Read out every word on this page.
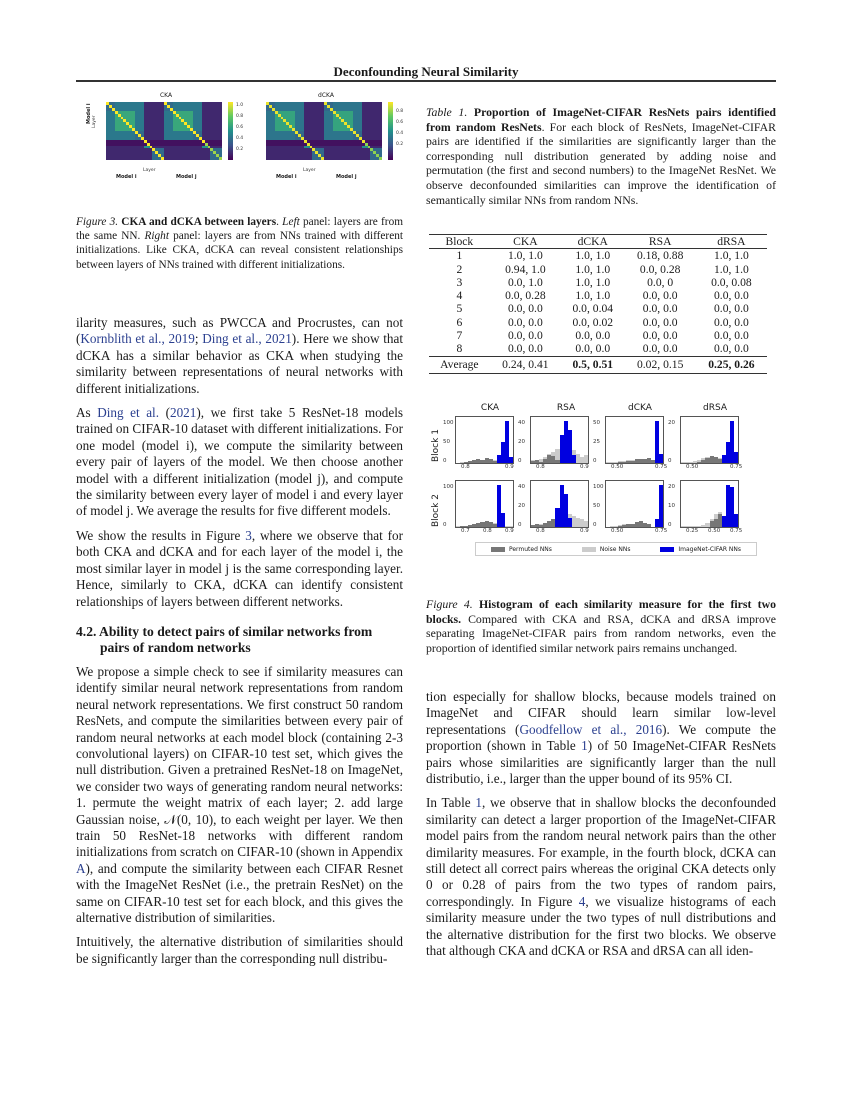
Deconfounding Neural Similarity
CKA
Model i Layer
1.0
0.8
0.6
0.4
0.2
Layer
Model i	Model j
dCKA
0.8
0.6
0.4
0.2
Layer
Model i	Model j
Figure 3. CKA and dCKA between layers. Left panel: layers are from the same NN. Right panel: layers are from NNs trained with different initializations. Like CKA, dCKA can reveal consistent relationships between layers of NNs trained with different initializations.

ilarity measures, such as PWCCA and Procrustes, can not (Kornblith et al., 2019; Ding et al., 2021). Here we show that dCKA has a similar behavior as CKA when studying the similarity between representations of neural networks with different initializations.

As Ding et al. (2021), we first take 5 ResNet-18 models trained on CIFAR-10 dataset with different initializations. For one model (model i), we compute the similarity between every pair of layers of the model. We then choose another model with a different initialization (model j), and compute the similarity between every layer of model i and every layer of model j. We average the results for five different models.

We show the results in Figure 3, where we observe that for both CKA and dCKA and for each layer of the model i, the most similar layer in model j is the same corresponding layer. Hence, similarly to CKA, dCKA can identify consistent relationships of layers between different networks.

4.2. Ability to detect pairs of similar networks from
pairs of random networks

We propose a simple check to see if similarity measures can identify similar neural network representations from random neural network representations. We first construct 50 random ResNets, and compute the similarities between every pair of random neural networks at each model block (containing 2-3 convolutional layers) on CIFAR-10 test set, which gives the null distribution. Given a pretrained ResNet-18 on ImageNet, we consider two ways of generating random neural networks: 1. permute the weight matrix of each layer; 2. add large Gaussian noise, 𝒩(0, 10), to each weight per layer. We then train 50 ResNet-18 networks with different random initializations from scratch on CIFAR-10 (shown in Appendix A), and compute the similarity between each CIFAR Resnet with the ImageNet ResNet (i.e., the pretrain ResNet) on the same on CIFAR-10 test set for each block, and this gives the alternative distribution of similarities.

Intuitively, the alternative distribution of similarities should be significantly larger than the corresponding null distribu-

Table 1. Proportion of ImageNet-CIFAR ResNets pairs identified from random ResNets. For each block of ResNets, ImageNet-CIFAR pairs are identified if the similarities are significantly larger than the corresponding null distribution generated by adding noise and permutation (the first and second numbers) to the ImageNet ResNet. We observe deconfounded similarities can improve the identification of semantically similar NNs from random NNs.
Block	CKA	dCKA	RSA	dRSA
1	1.0, 1.0	1.0, 1.0	0.18, 0.88	1.0, 1.0
2	0.94, 1.0	1.0, 1.0	0.0, 0.28	1.0, 1.0
3	0.0, 1.0	1.0, 1.0	0.0, 0	0.0, 0.08
4	0.0, 0.28	1.0, 1.0	0.0, 0.0	0.0, 0.0
5	0.0, 0.0	0.0, 0.04	0.0, 0.0	0.0, 0.0
6	0.0, 0.0	0.0, 0.02	0.0, 0.0	0.0, 0.0
7	0.0, 0.0	0.0, 0.0	0.0, 0.0	0.0, 0.0
8	0.0, 0.0	0.0, 0.0	0.0, 0.0	0.0, 0.0
Average	0.24, 0.41	0.5, 0.51	0.02, 0.15	0.25, 0.26
CKA	RSA	dCKA	dRSA
Block 1
Block 2
Permuted NNs	Noise NNs	ImageNet-CIFAR NNs
0.8	0.9
100
50
0
0.8	0.9
40
20
0
0.50	0.75
50
25
0
0.50	0.75
20
0
0.7 0.8 0.9
100
0
0.8	0.9
40
20
0
0.50	0.75
100
50
0
0.25 0.50 0.75
20
10
0
Figure 4. Histogram of each similarity measure for the first two blocks. Compared with CKA and RSA, dCKA and dRSA improve separating ImageNet-CIFAR pairs from random networks, even the proportion of identified similar network pairs remains unchanged.

tion especially for shallow blocks, because models trained on ImageNet and CIFAR should learn similar low-level representations (Goodfellow et al., 2016). We compute the proportion (shown in Table 1) of 50 ImageNet-CIFAR ResNets pairs whose similarities are significantly larger than the null distributio, i.e., larger than the upper bound of its 95% CI.

In Table 1, we observe that in shallow blocks the deconfounded similarity can detect a larger proportion of the ImageNet-CIFAR model pairs from the random neural network pairs than the other dimilarity measures. For example, in the fourth block, dCKA can still detect all correct pairs whereas the original CKA detects only 0 or 0.28 of pairs from the two types of random pairs, correspondingly. In Figure 4, we visualize histograms of each similarity measure under the two types of null distributions and the alternative distribution for the first two blocks. We observe that although CKA and dCKA or RSA and dRSA can all iden-
